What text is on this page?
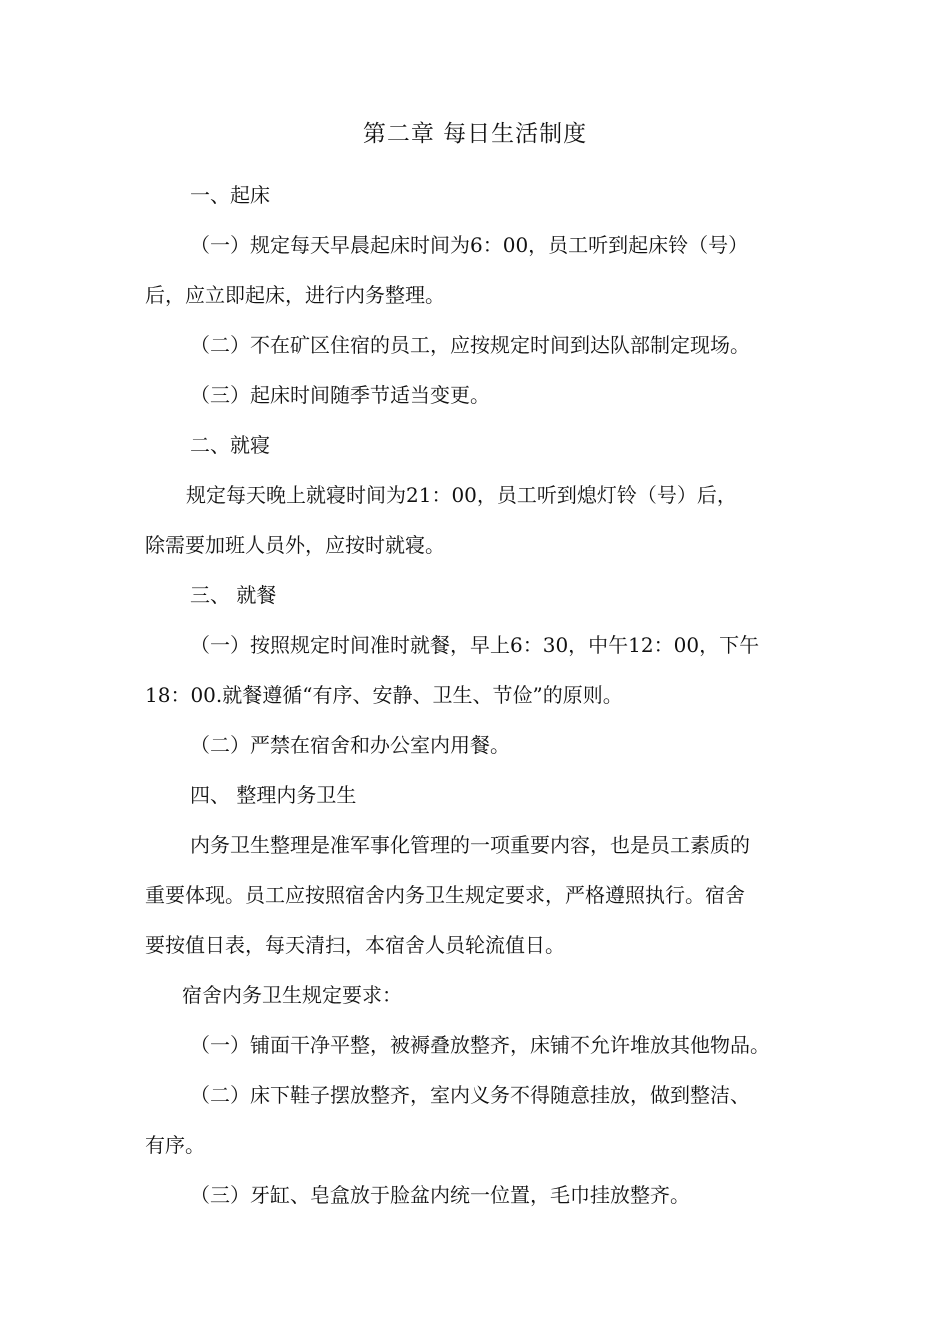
第二章 每日生活制度

一、起床

（一）规定每天早晨起床时间为6：00，员工听到起床铃（号）

后，应立即起床，进行内务整理。

（二）不在矿区住宿的员工，应按规定时间到达队部制定现场。

（三）起床时间随季节适当变更。

二、就寝

规定每天晚上就寝时间为21：00，员工听到熄灯铃（号）后，

除需要加班人员外，应按时就寝。

三、 就餐

（一）按照规定时间准时就餐，早上6：30，中午12：00，下午

18：00.就餐遵循“有序、安静、卫生、节俭”的原则。

（二）严禁在宿舍和办公室内用餐。

四、 整理内务卫生

内务卫生整理是准军事化管理的一项重要内容，也是员工素质的

重要体现。员工应按照宿舍内务卫生规定要求，严格遵照执行。宿舍

要按值日表，每天清扫，本宿舍人员轮流值日。

宿舍内务卫生规定要求：

（一）铺面干净平整，被褥叠放整齐，床铺不允许堆放其他物品。

（二）床下鞋子摆放整齐，室内义务不得随意挂放，做到整洁、

有序。

（三）牙缸、皂盒放于脸盆内统一位置，毛巾挂放整齐。
